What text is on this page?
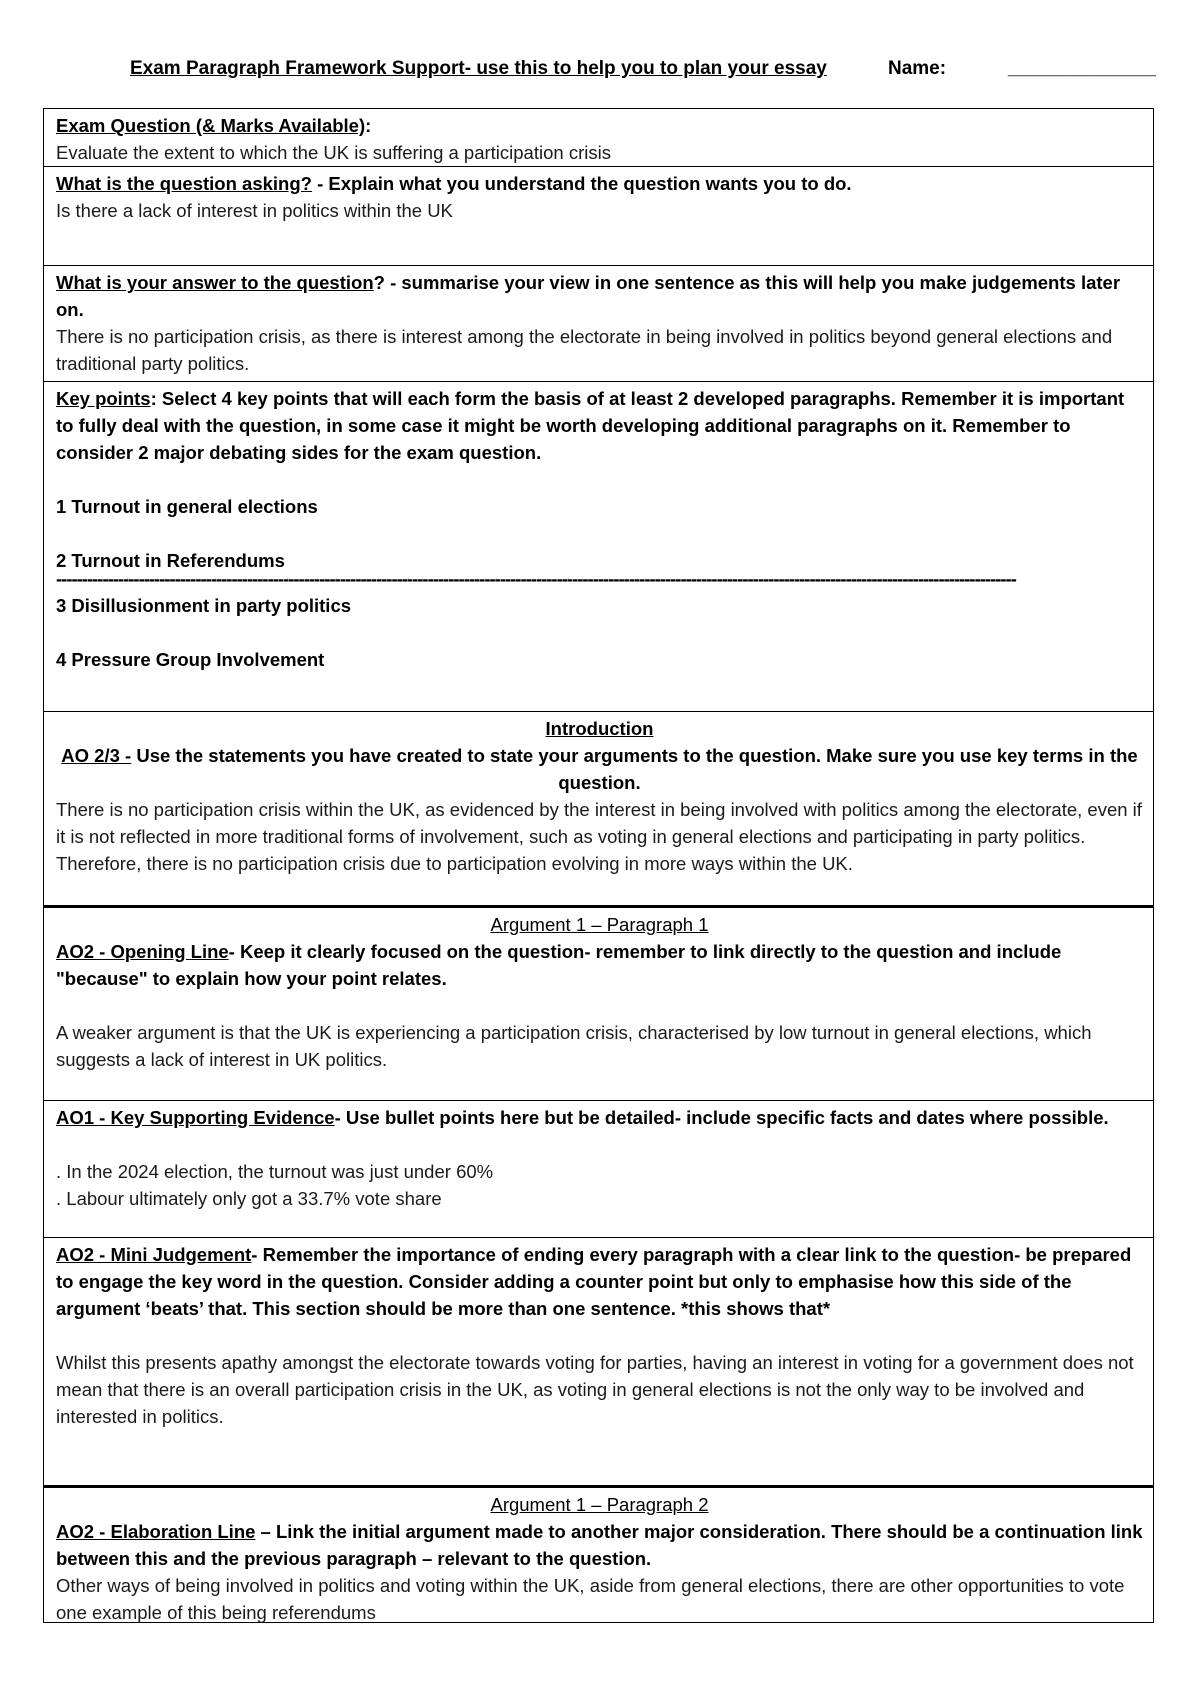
Exam Paragraph Framework Support- use this to help you to plan your essay	Name:	______________
Exam Question (& Marks Available):
Evaluate the extent to which the UK is suffering a participation crisis
What is the question asking? - Explain what you understand the question wants you to do.
Is there a lack of interest in politics within the UK
What is your answer to the question? - summarise your view in one sentence as this will help you make judgements later on.
There is no participation crisis, as there is interest among the electorate in being involved in politics beyond general elections and traditional party politics.
Key points: Select 4 key points that will each form the basis of at least 2 developed paragraphs. Remember it is important to fully deal with the question, in some case it might be worth developing additional paragraphs on it. Remember to consider 2 major debating sides for the exam question.
1 Turnout in general elections
2 Turnout in Referendums
------------------------------------------------------------------------------------------------------------------------------------------------------------------------------------------
3 Disillusionment in party politics
4 Pressure Group Involvement
Introduction
AO 2/3 - Use the statements you have created to state your arguments to the question. Make sure you use key terms in the question.
There is no participation crisis within the UK, as evidenced by the interest in being involved with politics among the electorate, even if it is not reflected in more traditional forms of involvement, such as voting in general elections and participating in party politics. Therefore, there is no participation crisis due to participation evolving in more ways within the UK.
Argument 1 – Paragraph 1
AO2 - Opening Line- Keep it clearly focused on the question- remember to link directly to the question and include "because" to explain how your point relates.
A weaker argument is that the UK is experiencing a participation crisis, characterised by low turnout in general elections, which suggests a lack of interest in UK politics.
AO1 - Key Supporting Evidence- Use bullet points here but be detailed- include specific facts and dates where possible.
. In the 2024 election, the turnout was just under 60%
. Labour ultimately only got a 33.7% vote share
AO2 - Mini Judgement- Remember the importance of ending every paragraph with a clear link to the question- be prepared to engage the key word in the question. Consider adding a counter point but only to emphasise how this side of the argument ‘beats’ that. This section should be more than one sentence. *this shows that*
Whilst this presents apathy amongst the electorate towards voting for parties, having an interest in voting for a government does not mean that there is an overall participation crisis in the UK, as voting in general elections is not the only way to be involved and interested in politics.
Argument 1 – Paragraph 2
AO2 - Elaboration Line – Link the initial argument made to another major consideration. There should be a continuation link between this and the previous paragraph – relevant to the question.
Other ways of being involved in politics and voting within the UK, aside from general elections, there are other opportunities to vote one example of this being referendums
